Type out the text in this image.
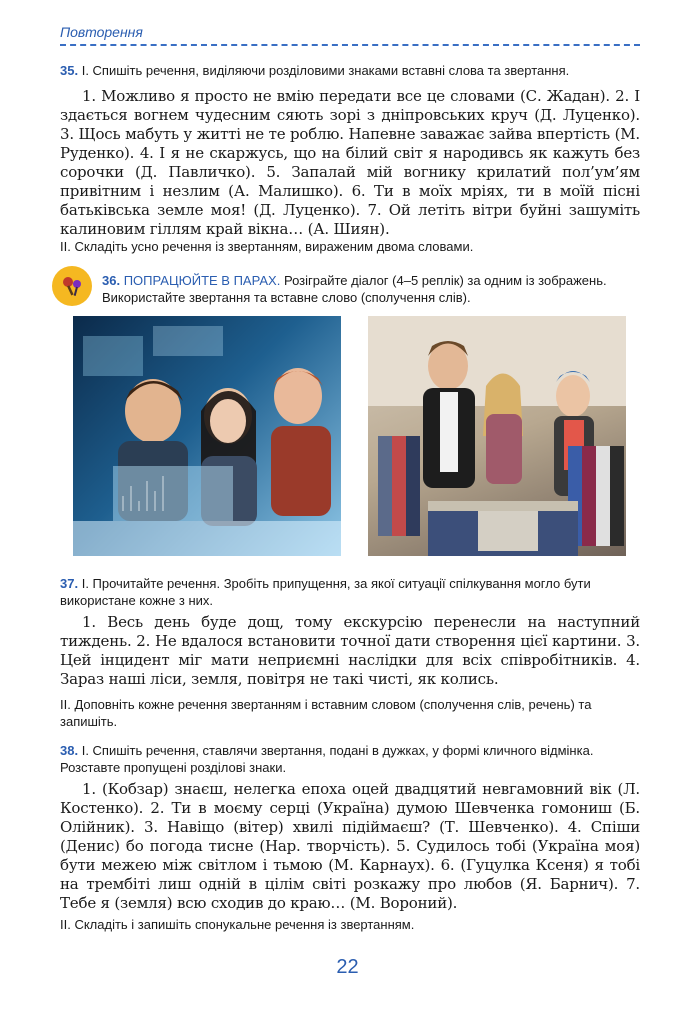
Повторення
35. І. Спишіть речення, виділяючи розділовими знаками вставні слова та звертання.
1. Можливо я просто не вмію передати все це словами (С. Жадан). 2. І здається вогнем чудесним сяють зорі з дніпровських круч (Д. Луценко). 3. Щось мабуть у житті не те роблю. Напевне заважає зайва впертість (М. Руденко). 4. І я не скаржусь, що на білий світ я народивсь як кажуть без сорочки (Д. Павличко). 5. Запалай мій вогнику крилатий пол’ум’ям привітним і незлим (А. Малишко). 6. Ти в моїх мріях, ти в моїй пісні батьківська земле моя! (Д. Луценко). 7. Ой летіть вітри буйні зашуміть калиновим гіллям край вікна… (А. Шиян).
ІІ. Складіть усно речення із звертанням, вираженим двома словами.
36. ПОПРАЦЮЙТЕ В ПАРАХ. Розіграйте діалог (4–5 реплік) за одним із зображень. Використайте звертання та вставне слово (сполучення слів).
37. І. Прочитайте речення. Зробіть припущення, за якої ситуації спілкування могло бути використане кожне з них.
1. Весь день буде дощ, тому екскурсію перенесли на наступний тиждень. 2. Не вдалося встановити точної дати створення цієї картини. 3. Цей інцидент міг мати неприємні наслідки для всіх співробітників. 4. Зараз наші ліси, земля, повітря не такі чисті, як колись.
ІІ. Доповніть кожне речення звертанням і вставним словом (сполучення слів, речень) та запишіть.
38. І. Спишіть речення, ставлячи звертання, подані в дужках, у формі кличного відмінка. Розставте пропущені розділові знаки.
1. (Кобзар) знаєш, нелегка епоха оцей двадцятий невгамовний вік (Л. Костенко). 2. Ти в моєму серці (Україна) думою Шевченка гомониш (Б. Олійник). 3. Навіщо (вітер) хвилі підіймаєш? (Т. Шевченко). 4. Спіши (Денис) бо погода тисне (Нар. творчість). 5. Судилось тобі (Україна моя) бути межею між світлом і тьмою (М. Карнаух). 6. (Гуцулка Ксеня) я тобі на трембіті лиш одній в цілім світі розкажу про любов (Я. Барнич). 7. Тебе я (земля) всю сходив до краю… (М. Вороний).
ІІ. Складіть і запишіть спонукальне речення із звертанням.
22
